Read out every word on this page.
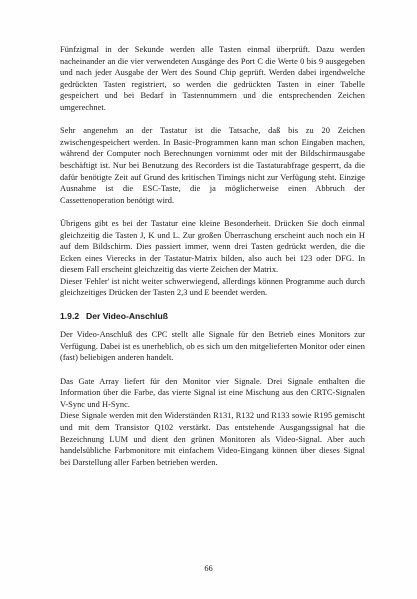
Fünfzigmal in der Sekunde werden alle Tasten einmal überprüft. Dazu werden nacheinander an die vier verwendeten Ausgänge des Port C die Werte 0 bis 9 ausgegeben und nach jeder Ausgabe der Wert des Sound Chip geprüft. Werden dabei irgendwelche gedrückten Tasten registriert, so werden die gedrückten Tasten in einer Tabelle gespeichert und bei Bedarf in Tastennummern und die entsprechenden Zeichen umgerechnet.

Sehr angenehm an der Tastatur ist die Tatsache, daß bis zu 20 Zeichen zwischengespeichert werden. In Basic-Programmen kann man schon Eingaben machen, während der Computer noch Berechnungen vornimmt oder mit der Bildschirmausgabe beschäftigt ist. Nur bei Benutzung des Recorders ist die Tastaturabfrage gesperrt, da die dafür benötigte Zeit auf Grund des kritischen Timings nicht zur Verfügung steht. Einzige Ausnahme ist die ESC-Taste, die ja möglicherweise einen Abbruch der Cassettenoperation benötigt wird.

Übrigens gibt es bei der Tastatur eine kleine Besonderheit. Drücken Sie doch einmal gleichzeitig die Tasten J, K und L. Zur großen Überraschung erscheint auch noch ein H auf dem Bildschirm. Dies passiert immer, wenn drei Tasten gedrückt werden, die die Ecken eines Vierecks in der Tastatur-Matrix bilden, also auch bei 123 oder DFG. In diesem Fall erscheint gleichzeitig das vierte Zeichen der Matrix.

Dieser 'Fehler' ist nicht weiter schwerwiegend, allerdings können Programme auch durch gleichzeitiges Drücken der Tasten 2,3 und E beendet werden.

1.9.2 Der Video-Anschluß

Der Video-Anschluß des CPC stellt alle Signale für den Betrieb eines Monitors zur Verfügung. Dabei ist es unerheblich, ob es sich um den mitgelieferten Monitor oder einen (fast) beliebigen anderen handelt.

Das Gate Array liefert für den Monitor vier Signale. Drei Signale enthalten die Information über die Farbe, das vierte Signal ist eine Mischung aus den CRTC-Signalen V-Sync und H-Sync.

Diese Signale werden mit den Widerständen R131, R132 und R133 sowie R195 gemischt und mit dem Transistor Q102 verstärkt. Das entstehende Ausgangssignal hat die Bezeichnung LUM und dient den grünen Monitoren als Video-Signal. Aber auch handelsübliche Farbmonitore mit einfachem Video-Eingang können über dieses Signal bei Darstellung aller Farben betrieben werden.

66
